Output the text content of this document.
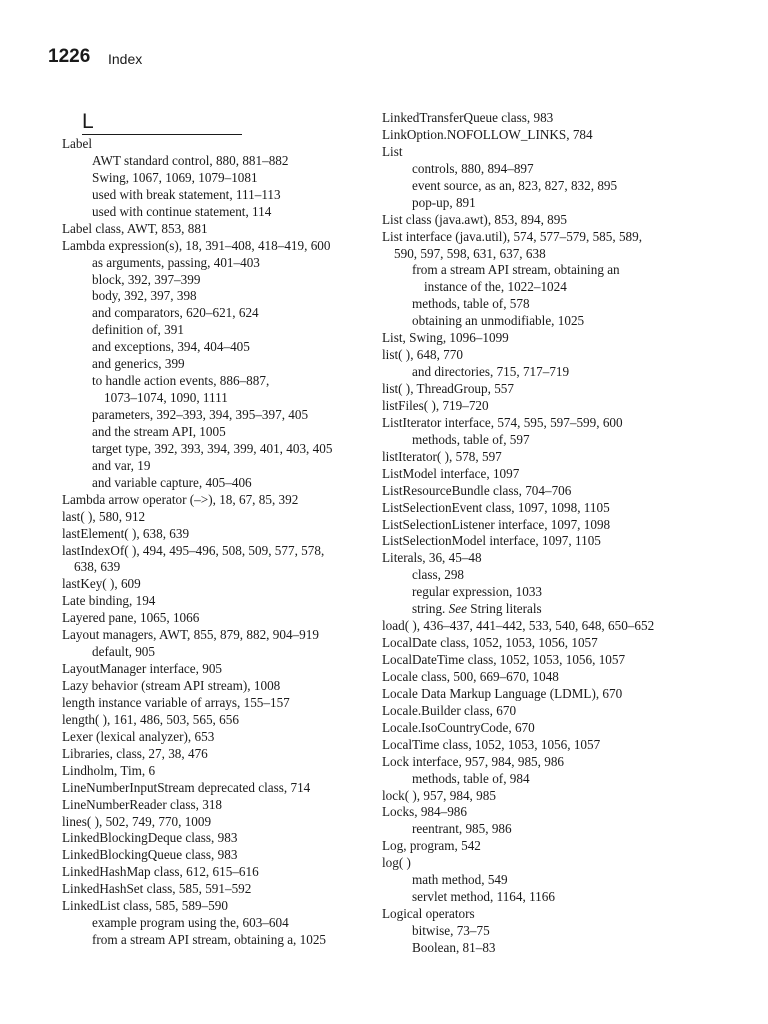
1226 Index
L
Label
AWT standard control, 880, 881–882
Swing, 1067, 1069, 1079–1081
used with break statement, 111–113
used with continue statement, 114
Label class, AWT, 853, 881
Lambda expression(s), 18, 391–408, 418–419, 600
as arguments, passing, 401–403
block, 392, 397–399
body, 392, 397, 398
and comparators, 620–621, 624
definition of, 391
and exceptions, 394, 404–405
and generics, 399
to handle action events, 886–887,
1073–1074, 1090, 1111
parameters, 392–393, 394, 395–397, 405
and the stream API, 1005
target type, 392, 393, 394, 399, 401, 403, 405
and var, 19
and variable capture, 405–406
Lambda arrow operator (–>), 18, 67, 85, 392
last( ), 580, 912
lastElement( ), 638, 639
lastIndexOf( ), 494, 495–496, 508, 509, 577, 578,
638, 639
lastKey( ), 609
Late binding, 194
Layered pane, 1065, 1066
Layout managers, AWT, 855, 879, 882, 904–919
default, 905
LayoutManager interface, 905
Lazy behavior (stream API stream), 1008
length instance variable of arrays, 155–157
length( ), 161, 486, 503, 565, 656
Lexer (lexical analyzer), 653
Libraries, class, 27, 38, 476
Lindholm, Tim, 6
LineNumberInputStream deprecated class, 714
LineNumberReader class, 318
lines( ), 502, 749, 770, 1009
LinkedBlockingDeque class, 983
LinkedBlockingQueue class, 983
LinkedHashMap class, 612, 615–616
LinkedHashSet class, 585, 591–592
LinkedList class, 585, 589–590
example program using the, 603–604
from a stream API stream, obtaining a, 1025
LinkedTransferQueue class, 983
LinkOption.NOFOLLOW_LINKS, 784
List
controls, 880, 894–897
event source, as an, 823, 827, 832, 895
pop-up, 891
List class (java.awt), 853, 894, 895
List interface (java.util), 574, 577–579, 585, 589,
590, 597, 598, 631, 637, 638
from a stream API stream, obtaining an
instance of the, 1022–1024
methods, table of, 578
obtaining an unmodifiable, 1025
List, Swing, 1096–1099
list( ), 648, 770
and directories, 715, 717–719
list( ), ThreadGroup, 557
listFiles( ), 719–720
ListIterator interface, 574, 595, 597–599, 600
methods, table of, 597
listIterator( ), 578, 597
ListModel interface, 1097
ListResourceBundle class, 704–706
ListSelectionEvent class, 1097, 1098, 1105
ListSelectionListener interface, 1097, 1098
ListSelectionModel interface, 1097, 1105
Literals, 36, 45–48
class, 298
regular expression, 1033
string. See String literals
load( ), 436–437, 441–442, 533, 540, 648, 650–652
LocalDate class, 1052, 1053, 1056, 1057
LocalDateTime class, 1052, 1053, 1056, 1057
Locale class, 500, 669–670, 1048
Locale Data Markup Language (LDML), 670
Locale.Builder class, 670
Locale.IsoCountryCode, 670
LocalTime class, 1052, 1053, 1056, 1057
Lock interface, 957, 984, 985, 986
methods, table of, 984
lock( ), 957, 984, 985
Locks, 984–986
reentrant, 985, 986
Log, program, 542
log( )
math method, 549
servlet method, 1164, 1166
Logical operators
bitwise, 73–75
Boolean, 81–83
